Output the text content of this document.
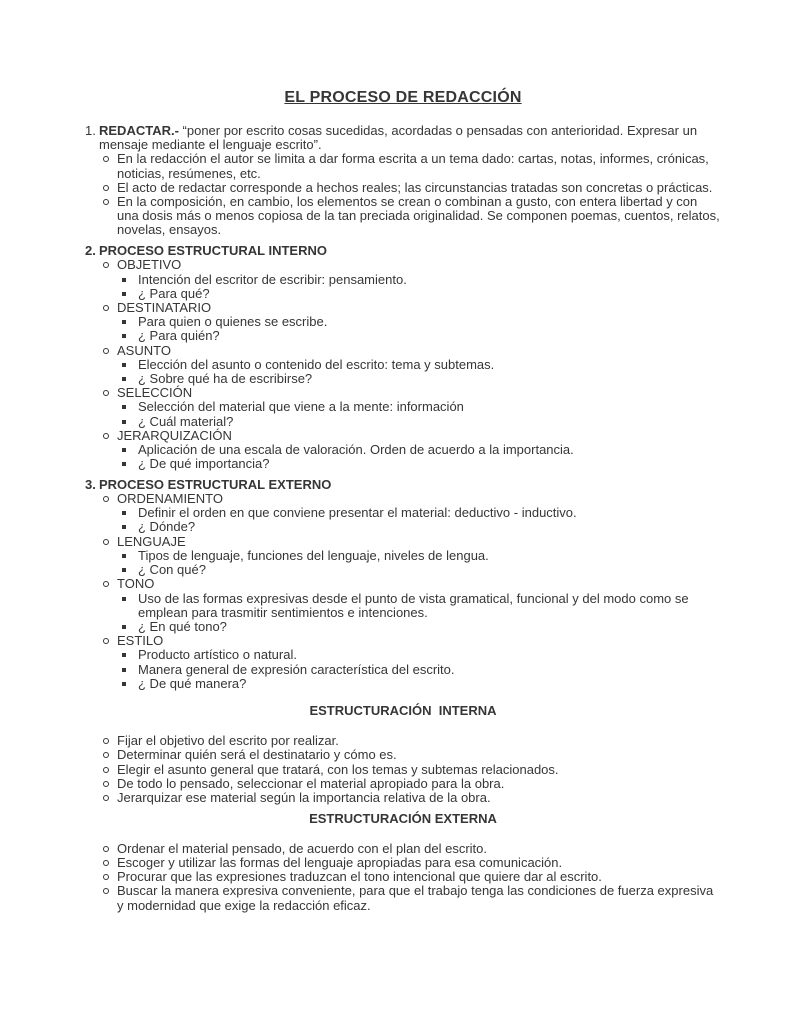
EL PROCESO DE REDACCIÓN
1. REDACTAR.- “poner por escrito cosas sucedidas, acordadas o pensadas con anterioridad. Expresar un mensaje mediante el lenguaje escrito”.
En la redacción el autor se limita a dar forma escrita a un tema dado: cartas, notas, informes, crónicas, noticias, resúmenes, etc.
El acto de redactar corresponde a hechos reales; las circunstancias tratadas son concretas o prácticas.
En la composición, en cambio, los elementos se crean o combinan a gusto, con entera libertad y con una dosis más o menos copiosa de la tan preciada originalidad. Se componen poemas, cuentos, relatos, novelas, ensayos.
2. PROCESO ESTRUCTURAL INTERNO
OBJETIVO
Intención del escritor de escribir: pensamiento.
¿ Para qué?
DESTINATARIO
Para quien o quienes se escribe.
¿ Para quién?
ASUNTO
Elección del asunto o contenido del escrito: tema y subtemas.
¿ Sobre qué ha de escribirse?
SELECCIÓN
Selección del material que viene a la mente: información
¿ Cuál material?
JERARQUIZACIÓN
Aplicación de una escala de valoración. Orden de acuerdo a la importancia.
¿ De qué importancia?
3. PROCESO ESTRUCTURAL EXTERNO
ORDENAMIENTO
Definir el orden en que conviene presentar el material: deductivo - inductivo.
¿ Dónde?
LENGUAJE
Tipos de lenguaje, funciones del lenguaje, niveles de lengua.
¿ Con qué?
TONO
Uso de las formas expresivas desde el punto de vista gramatical, funcional y del modo como se emplean para trasmitir sentimientos e intenciones.
¿ En qué tono?
ESTILO
Producto artístico o natural.
Manera general de expresión característica del escrito.
¿ De qué manera?
ESTRUCTURACIÓN  INTERNA
Fijar el objetivo del escrito por realizar.
Determinar quién será el destinatario y cómo es.
Elegir el asunto general que tratará, con los temas y subtemas relacionados.
De todo lo pensado, seleccionar el material apropiado para la obra.
Jerarquizar ese material según la importancia relativa de la obra.
ESTRUCTURACIÓN EXTERNA
Ordenar el material pensado, de acuerdo con el plan del escrito.
Escoger y utilizar las formas del lenguaje apropiadas para esa comunicación.
Procurar que las expresiones traduzcan el tono intencional que quiere dar al escrito.
Buscar la manera expresiva conveniente, para que el trabajo tenga las condiciones de fuerza expresiva y modernidad que exige la redacción eficaz.
